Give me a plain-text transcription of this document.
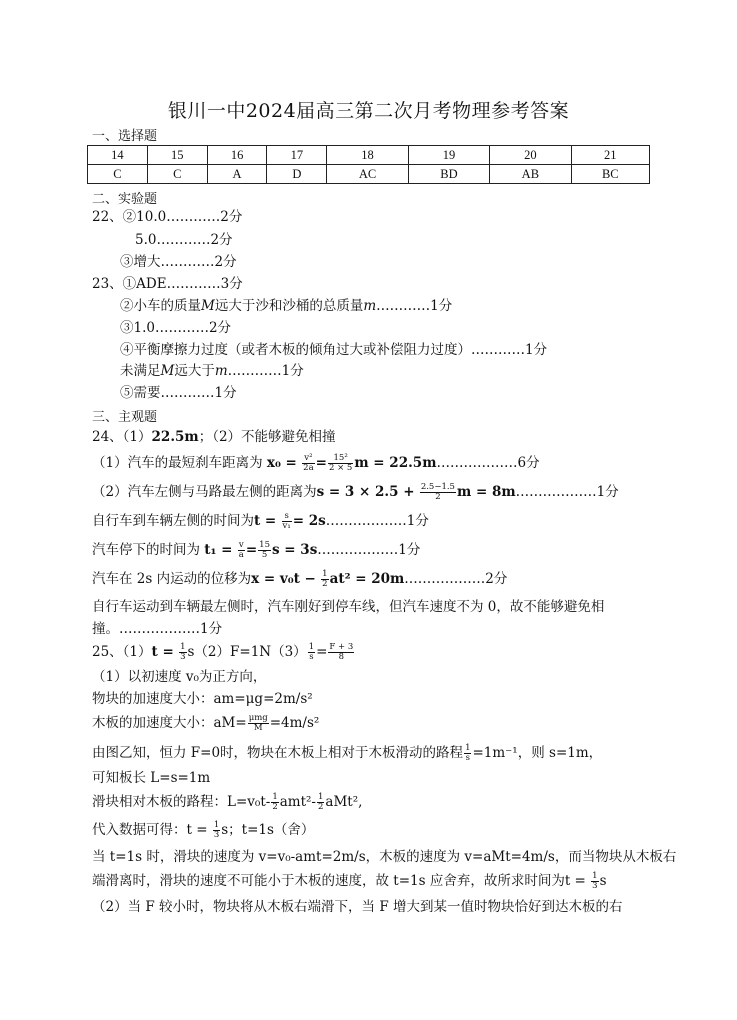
银川一中2024届高三第二次月考物理参考答案
一、选择题
14	15	16	17	18	19	20	21
C	C	A	D	AC	BD	AB	BC
二、实验题
22、②10.0…………2分
5.0…………2分
③增大…………2分
23、①ADE…………3分
②小车的质量M远大于沙和沙桶的总质量m…………1分
③1.0…………2分
④平衡摩擦力过度（或者木板的倾角过大或补偿阻力过度）…………1分
未满足M远大于m…………1分
⑤需要…………1分
三、主观题
24、（1）22.5m；（2）不能够避免相撞
（1）汽车的最短刹车距离为 $x_0 = \frac{\text{v²}}{2a} = \frac{\text{15²}}{2 \times 5}$ m = 22.5m………………6分
（2）汽车左侧与马路最左侧的距离为$s = 3 \times 2.5 + \frac{2.5-1.5}{2}$ m = 8m………………1分
自行车到车辆左侧的时间为$t = \frac{s}{\text{v₁}}$ = 2s………………1分
汽车停下的时间为 $t_1 = \frac{v}{a} = \frac{15}{5}$ s = 3s………………1分
汽车在 2s 内运动的位移为$x = v_0t - \frac{1}{2} at^2$ = 20m………………2分
自行车运动到车辆最左侧时，汽车刚好到停车线，但汽车速度不为 0，故不能够避免相撞。………………1分
25、$(1)t = \frac{1}{3} s(2)F=1N(3) \frac{1}{s} = \frac{F + 3}{8}$
（1）以初速度 v₀为正方向，
物块的加速度大小：am=μg=2m/s²
木板的加速度大小：$aM= \frac{\text{μmg}}{M} =4m/s^2$
由图乙知，恒力 F=0时，物块在木板上相对于木板滑动的路程 $\frac{1}{s} =1m^{-1}$，则 s=1m，
可知板长 L=s=1m
滑块相对木板的路程：$L=v_0t- \frac{1}{2} amt^2- \frac{1}{2} aMt^2$,
代入数据可得：$t = \frac{1}{3}$ s；t=1s（舍）
当 t=1s 时，滑块的速度为 v=v₀-amt=2m/s，木板的速度为 v=aMt=4m/s，而当物块从木板右
端滑离时，滑块的速度不可能小于木板的速度，故 t=1s 应舍弃，故所求时间为$t = \frac{1}{3}$ s
（2）当 F 较小时，物块将从木板右端滑下，当 F 增大到某一值时物块恰好到达木板的右
